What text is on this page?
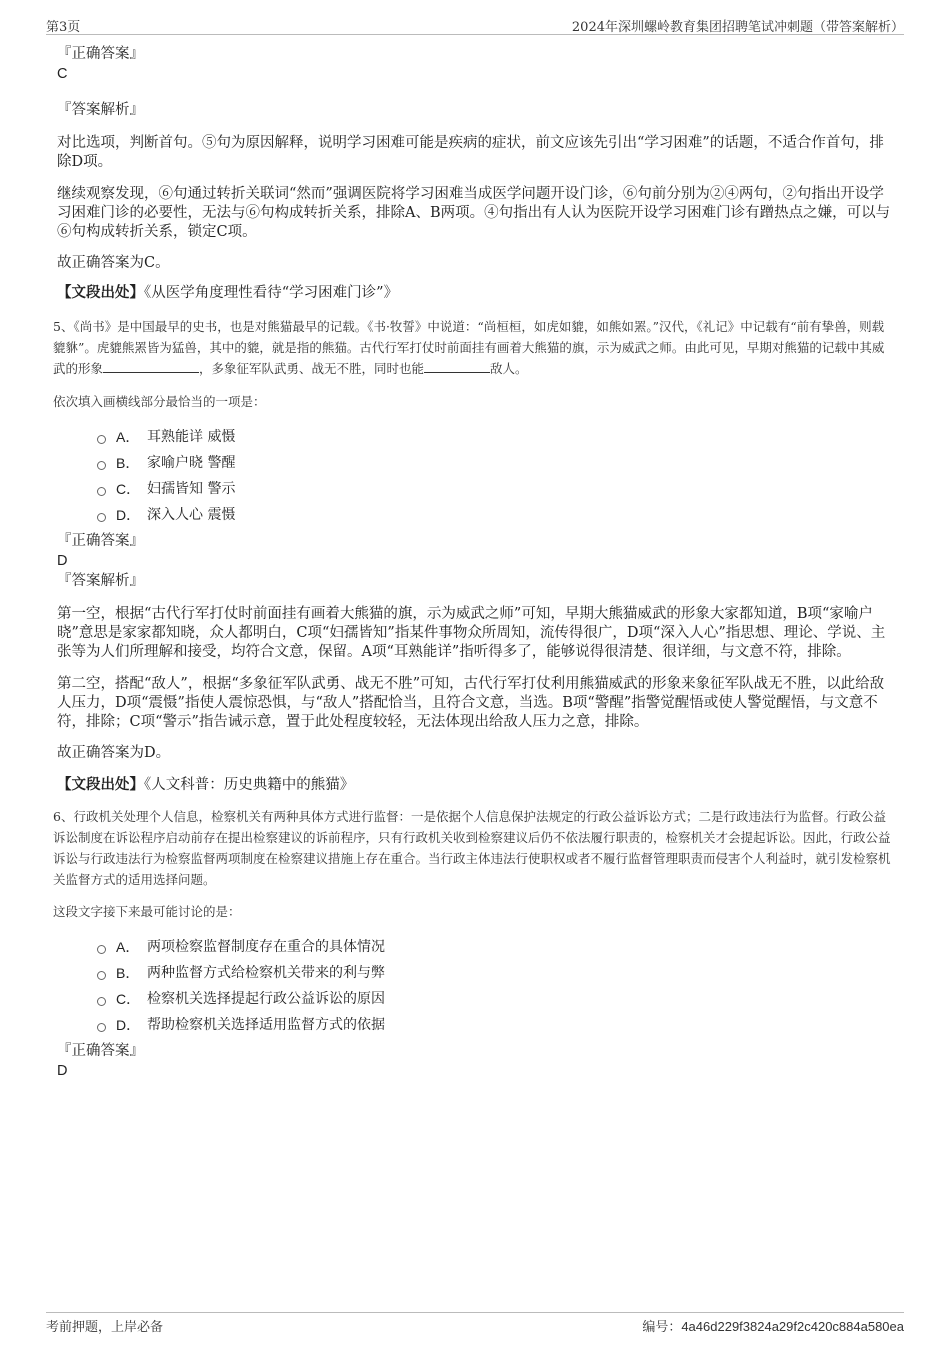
第3页	2024年深圳螺岭教育集团招聘笔试冲刺题（带答案解析）

『正确答案』

C

『答案解析』

对比选项，判断首句。⑤句为原因解释，说明学习困难可能是疾病的症状，前文应该先引出“学习困难”的话题，不适合作首句，排除D项。

继续观察发现，⑥句通过转折关联词“然而”强调医院将学习困难当成医学问题开设门诊，⑥句前分别为②④两句，②句指出开设学习困难门诊的必要性，无法与⑥句构成转折关系，排除A、B两项。④句指出有人认为医院开设学习困难门诊有蹭热点之嫌，可以与⑥句构成转折关系，锁定C项。

故正确答案为C。

【文段出处】《从医学角度理性看待“学习困难门诊”》

5、《尚书》是中国最早的史书，也是对熊猫最早的记载。《书·牧誓》中说道：“尚桓桓，如虎如貔，如熊如罴。”汉代，《礼记》中记载有“前有挚兽，则载貔貅”。虎貔熊罴皆为猛兽，其中的貔，就是指的熊猫。古代行军打仗时前面挂有画着大熊猫的旗，示为威武之师。由此可见，早期对熊猫的记载中其威武的形象	，多象征军队武勇、战无不胜，同时也能	敌人。

依次填入画横线部分最恰当的一项是：

A． 耳熟能详 威慑
B． 家喻户晓 警醒
C． 妇孺皆知 警示
D． 深入人心 震慑

『正确答案』

D

『答案解析』

第一空，根据“古代行军打仗时前面挂有画着大熊猫的旗，示为威武之师”可知，早期大熊猫威武的形象大家都知道，B项“家喻户晓”意思是家家都知晓，众人都明白，C项“妇孺皆知”指某件事物众所周知，流传得很广，D项“深入人心”指思想、理论、学说、主张等为人们所理解和接受，均符合文意，保留。A项“耳熟能详”指听得多了，能够说得很清楚、很详细，与文意不符，排除。

第二空，搭配“敌人”，根据“多象征军队武勇、战无不胜”可知，古代行军打仗利用熊猫威武的形象来象征军队战无不胜，以此给敌人压力，D项“震慑”指使人震惊恐惧，与“敌人”搭配恰当，且符合文意，当选。B项“警醒”指警觉醒悟或使人警觉醒悟，与文意不符，排除；C项“警示”指告诫示意，置于此处程度较轻，无法体现出给敌人压力之意，排除。

故正确答案为D。

【文段出处】《人文科普：历史典籍中的熊猫》

6、行政机关处理个人信息，检察机关有两种具体方式进行监督：一是依据个人信息保护法规定的行政公益诉讼方式；二是行政违法行为监督。行政公益诉讼制度在诉讼程序启动前存在提出检察建议的诉前程序，只有行政机关收到检察建议后仍不依法履行职责的，检察机关才会提起诉讼。因此，行政公益诉讼与行政违法行为检察监督两项制度在检察建议措施上存在重合。当行政主体违法行使职权或者不履行监督管理职责而侵害个人利益时，就引发检察机关监督方式的适用选择问题。

这段文字接下来最可能讨论的是：

A． 两项检察监督制度存在重合的具体情况
B． 两种监督方式给检察机关带来的利与弊
C． 检察机关选择提起行政公益诉讼的原因
D． 帮助检察机关选择适用监督方式的依据

『正确答案』

D

考前押题，上岸必备	编号：4a46d229f3824a29f2c420c884a580ea
